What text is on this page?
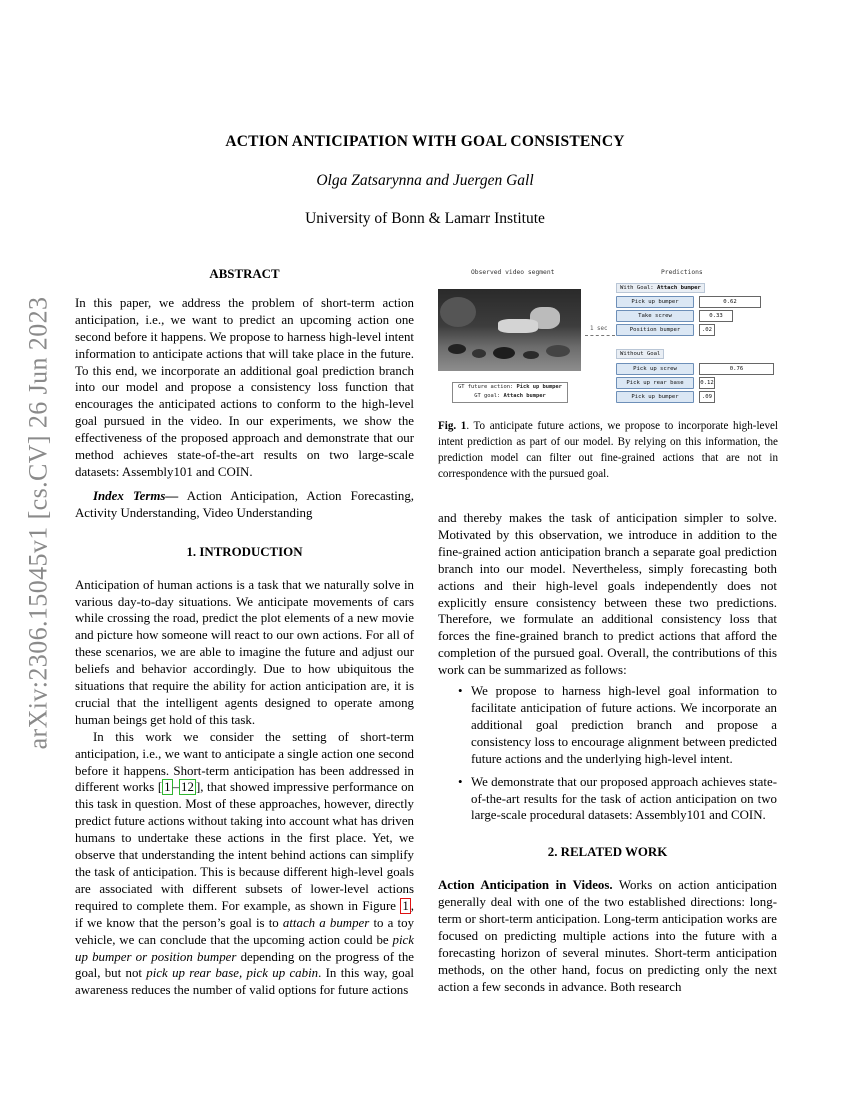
arXiv:2306.15045v1 [cs.CV] 26 Jun 2023
ACTION ANTICIPATION WITH GOAL CONSISTENCY
Olga Zatsarynna and Juergen Gall
University of Bonn & Lamarr Institute
ABSTRACT

In this paper, we address the problem of short-term action anticipation, i.e., we want to predict an upcoming action one second before it happens. We propose to harness high-level intent information to anticipate actions that will take place in the future. To this end, we incorporate an additional goal prediction branch into our model and propose a consistency loss function that encourages the anticipated actions to conform to the high-level goal pursued in the video. In our experiments, we show the effectiveness of the proposed approach and demonstrate that our method achieves state-of-the-art results on two large-scale datasets: Assembly101 and COIN.

Index Terms— Action Anticipation, Action Forecasting, Activity Understanding, Video Understanding

1. INTRODUCTION

Anticipation of human actions is a task that we naturally solve in various day-to-day situations. We anticipate movements of cars while crossing the road, predict the plot elements of a new movie and picture how someone will react to our own actions. For all of these scenarios, we are able to imagine the future and adjust our beliefs and behavior accordingly. Due to how ubiquitous the situations that require the ability for action anticipation are, it is crucial that the intelligent agents designed to operate among human beings get hold of this task.

In this work we consider the setting of short-term anticipation, i.e., we want to anticipate a single action one second before it happens. Short-term anticipation has been addressed in different works [ 1 – 12 ], that showed impressive performance on this task in question. Most of these approaches, however, directly predict future actions without taking into account what has driven humans to undertake these actions in the first place. Yet, we observe that understanding the intent behind actions can simplify the task of anticipation. This is because different high-level goals are associated with different subsets of lower-level actions required to complete them. For example, as shown in Figure 1 , if we know that the person’s goal is to attach a bumper to a toy vehicle, we can conclude that the upcoming action could be pick up bumper or position bumper depending on the progress of the goal, but not pick up rear base, pick up cabin. In this way, goal awareness reduces the number of valid options for future actions

Observed video segment	Predictions
1 sec
GT future action: Pick up bumper
GT goal: Attach bumper
With Goal: Attach bumper
Pick up bumper	0.62
Take screw	0.33
Position bumper	.02
Without Goal
Pick up screw	0.76
Pick up rear base	0.12
Pick up bumper	.09
Fig. 1. To anticipate future actions, we propose to incorporate high-level intent prediction as part of our model. By relying on this information, the prediction model can filter out fine-grained actions that are not in correspondence with the pursued goal.

and thereby makes the task of anticipation simpler to solve. Motivated by this observation, we introduce in addition to the fine-grained action anticipation branch a separate goal prediction branch into our model. Nevertheless, simply forecasting both actions and their high-level goals independently does not explicitly ensure consistency between these two predictions. Therefore, we formulate an additional consistency loss that forces the fine-grained branch to predict actions that afford the completion of the pursued goal. Overall, the contributions of this work can be summarized as follows:

• We propose to harness high-level goal information to facilitate anticipation of future actions. We incorporate an additional goal prediction branch and propose a consistency loss to encourage alignment between predicted future actions and the underlying high-level intent.
• We demonstrate that our proposed approach achieves state-of-the-art results for the task of action anticipation on two large-scale procedural datasets: Assembly101 and COIN.
2. RELATED WORK

Action Anticipation in Videos. Works on action anticipation generally deal with one of the two established directions: long-term or short-term anticipation. Long-term anticipation works are focused on predicting multiple actions into the future with a forecasting horizon of several minutes. Short-term anticipation methods, on the other hand, focus on predicting only the next action a few seconds in advance. Both research
